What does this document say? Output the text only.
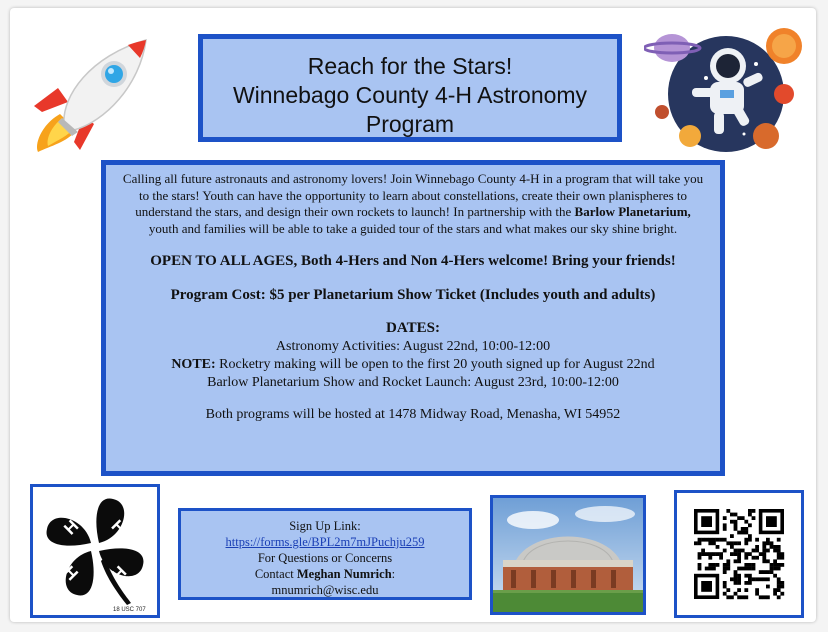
Reach for the Stars!
Winnebago County 4-H Astronomy
Program

Calling all future astronauts and astronomy lovers! Join Winnebago County 4-H in a program that will take you to the stars! Youth can have the opportunity to learn about constellations, create their own planispheres to understand the stars, and design their own rockets to launch! In partnership with the Barlow Planetarium, youth and families will be able to take a guided tour of the stars and what makes our sky shine bright.

OPEN TO ALL AGES, Both 4-Hers and Non 4-Hers welcome! Bring your friends!

Program Cost: $5 per Planetarium Show Ticket (Includes youth and adults)

DATES:

Astronomy Activities: August 22nd, 10:00-12:00

NOTE: Rocketry making will be open to the first 20 youth signed up for August 22nd

Barlow Planetarium Show and Rocket Launch: August 23rd, 10:00-12:00

Both programs will be hosted at 1478 Midway Road, Menasha, WI 54952

H H
H H
18 USC 707
Sign Up Link:
https://forms.gle/BPL2m7mJPuchju259
For Questions or Concerns
Contact Meghan Numrich:
mnumrich@wisc.edu
